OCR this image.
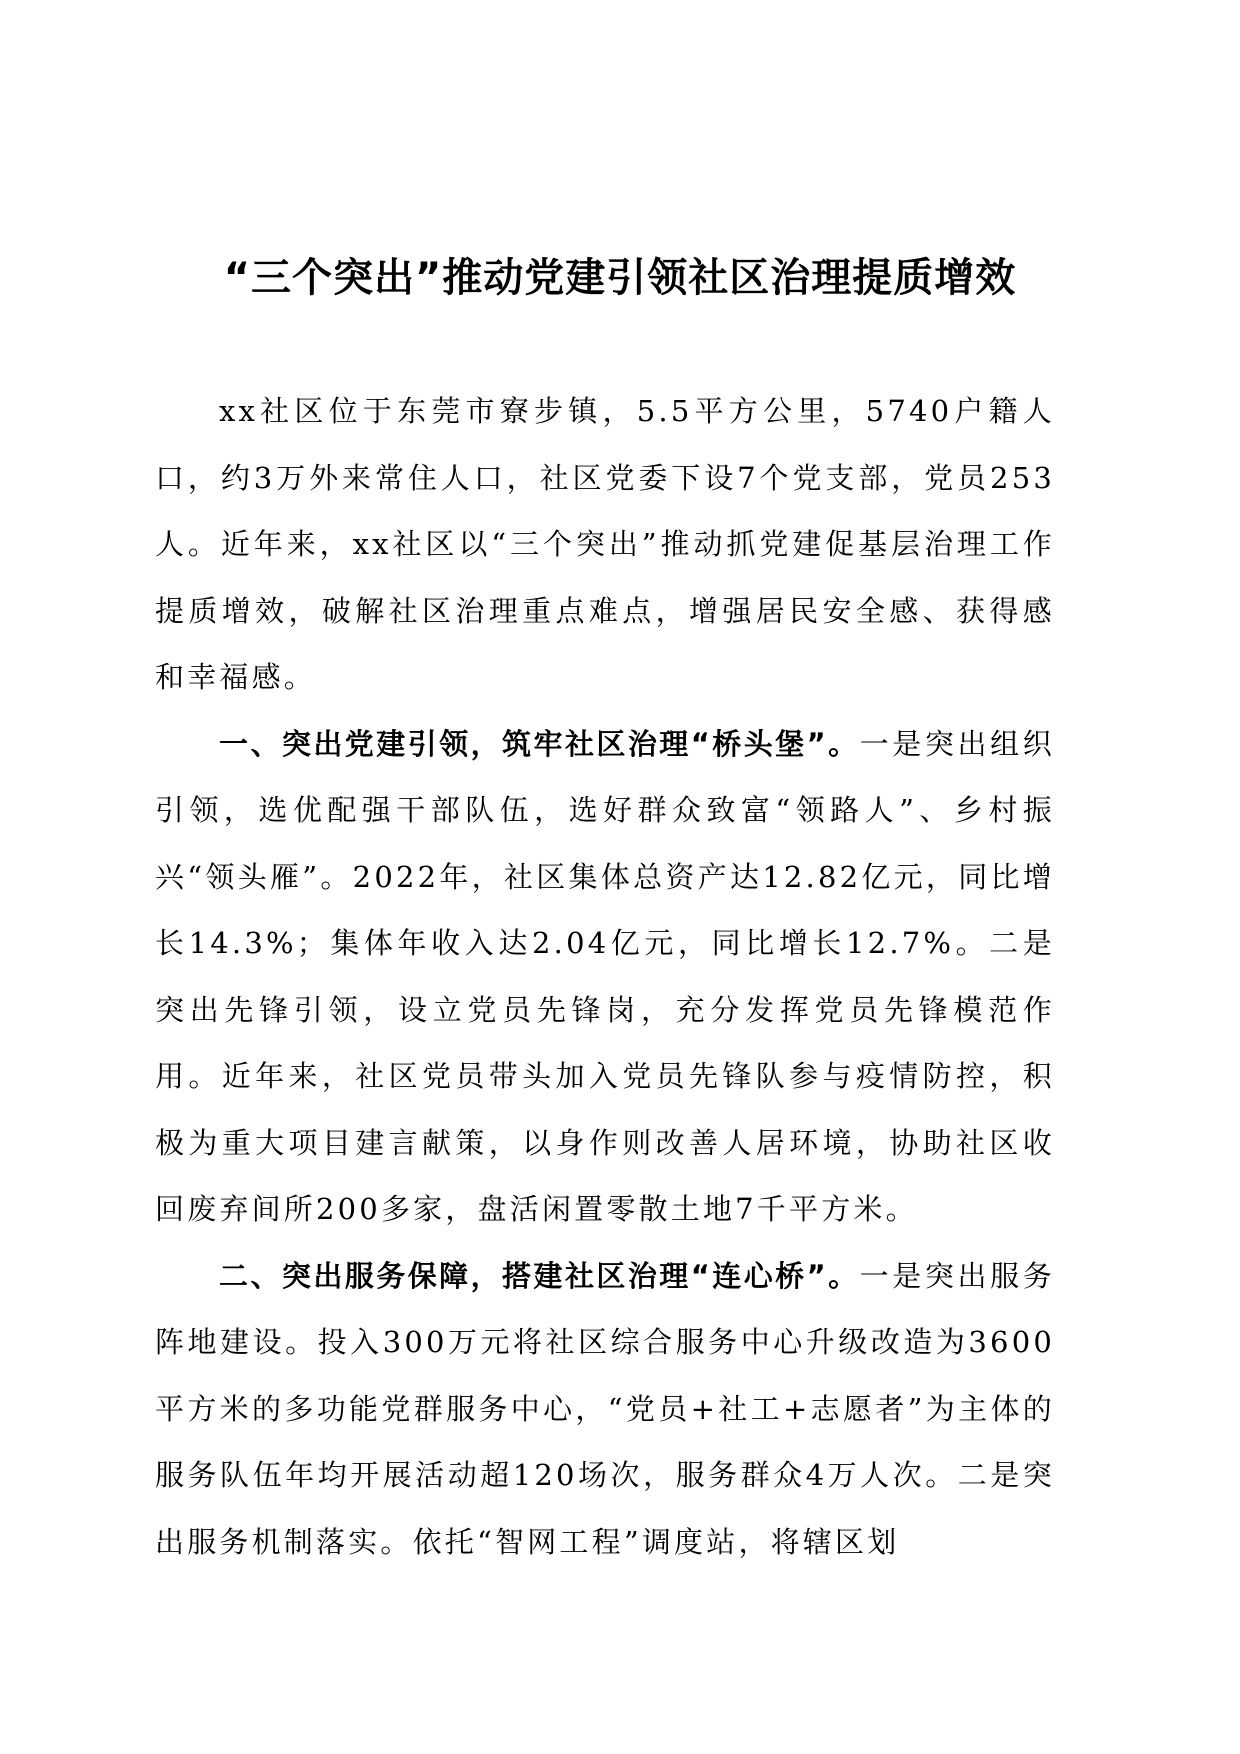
“三个突出”推动党建引领社区治理提质增效

xx社区位于东莞市寮步镇，5.5平方公里，5740户籍人口，约3万外来常住人口，社区党委下设7个党支部，党员253人。近年来，xx社区以“三个突出”推动抓党建促基层治理工作提质增效，破解社区治理重点难点，增强居民安全感、获得感和幸福感。

一、突出党建引领，筑牢社区治理“桥头堡”。一是突出组织引领，选优配强干部队伍，选好群众致富“领路人”、乡村振兴“领头雁”。2022年，社区集体总资产达12.82亿元，同比增长14.3%；集体年收入达2.04亿元，同比增长12.7%。二是突出先锋引领，设立党员先锋岗，充分发挥党员先锋模范作用。近年来，社区党员带头加入党员先锋队参与疫情防控，积极为重大项目建言献策，以身作则改善人居环境，协助社区收回废弃间所200多家，盘活闲置零散土地7千平方米。

二、突出服务保障，搭建社区治理“连心桥”。一是突出服务阵地建设。投入300万元将社区综合服务中心升级改造为3600平方米的多功能党群服务中心，“党员+社工+志愿者”为主体的服务队伍年均开展活动超120场次，服务群众4万人次。二是突出服务机制落实。依托“智网工程”调度站，将辖区划
